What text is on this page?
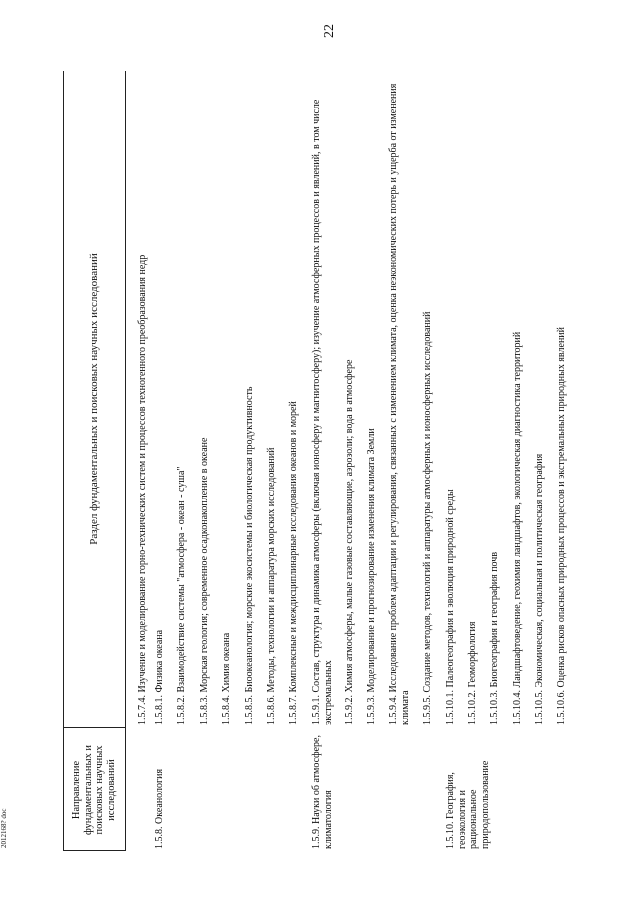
22
2012168? doc
Направление фундаментальных и поисковых научных исследований
Раздел фундаментальных и поисковых научных исследований	1.5.7.4. Изучение и моделирование горно-технических систем и процессов техногенного преобразования недр
1.5.8. Океанология
1.5.8.1. Физика океана 1.5.8.2. Взаимодействие системы "атмосфера - океан - суша" 1.5.8.3. Морская геология; современное осадконакопление в океане 1.5.8.4. Химия океана 1.5.8.5. Биоокеанология; морские экосистемы и биологическая продуктивность 1.5.8.6. Методы, технологии и аппаратура морских исследований 1.5.8.7. Комплексные и междисциплинарные исследования океанов и морей
1.5.9. Науки об атмосфере, климатология
1.5.9.1. Состав, структура и динамика атмосферы (включая ионосферу и магнитосферу); изучение атмосферных процессов и явлений, в том числе экстремальных 1.5.9.2. Химия атмосферы, малые газовые составляющие, аэрозоли; вода в атмосфере 1.5.9.3. Моделирование и прогнозирование изменения климата Земли 1.5.9.4. Исследование проблем адаптации и регулирования, связанных с изменением климата, оценка неэкономических потерь и ущерба от изменения климата 1.5.9.5. Создание методов, технологий и аппаратуры атмосферных и ионосферных исследований
1.5.10. География, геоэкология и рациональное природопользование
1.5.10.1. Палеогеография и эволюция природной среды 1.5.10.2. Геоморфология 1.5.10.3. Биогеография и география почв 1.5.10.4. Ландшафтоведение, геохимия ландшафтов, экологическая диагностика территорий 1.5.10.5. Экономическая, социальная и политическая география 1.5.10.6. Оценка рисков опасных природных процессов и экстремальных природных явлений
